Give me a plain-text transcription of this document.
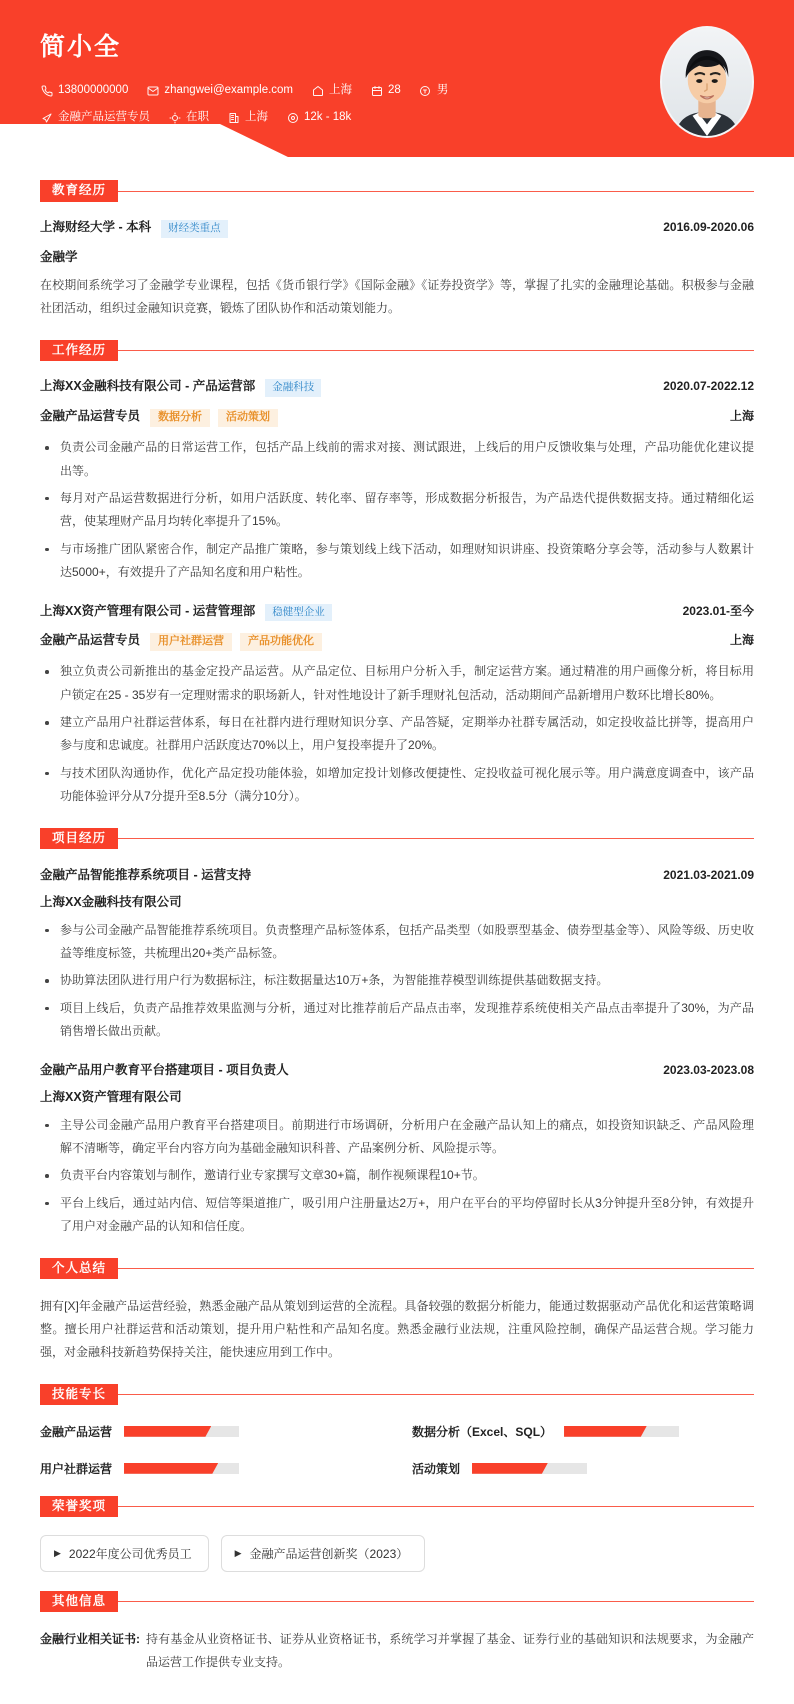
简小全
13800000000	zhangwei@example.com	上海	28	男
金融产品运营专员	在职	上海	12k - 18k
教育经历
上海财经大学 - 本科	财经类重点	2016.09-2020.06
金融学
在校期间系统学习了金融学专业课程，包括《货币银行学》《国际金融》《证券投资学》等，掌握了扎实的金融理论基础。积极参与金融社团活动，组织过金融知识竞赛，锻炼了团队协作和活动策划能力。
工作经历
上海XX金融科技有限公司 - 产品运营部	金融科技	2020.07-2022.12
金融产品运营专员	数据分析	活动策划	上海
负责公司金融产品的日常运营工作，包括产品上线前的需求对接、测试跟进，上线后的用户反馈收集与处理，产品功能优化建议提出等。
每月对产品运营数据进行分析，如用户活跃度、转化率、留存率等，形成数据分析报告，为产品迭代提供数据支持。通过精细化运营，使某理财产品月均转化率提升了15%。
与市场推广团队紧密合作，制定产品推广策略，参与策划线上线下活动，如理财知识讲座、投资策略分享会等，活动参与人数累计达5000+，有效提升了产品知名度和用户粘性。
上海XX资产管理有限公司 - 运营管理部	稳健型企业	2023.01-至今
金融产品运营专员	用户社群运营	产品功能优化	上海
独立负责公司新推出的基金定投产品运营。从产品定位、目标用户分析入手，制定运营方案。通过精准的用户画像分析，将目标用户锁定在25 - 35岁有一定理财需求的职场新人，针对性地设计了新手理财礼包活动，活动期间产品新增用户数环比增长80%。
建立产品用户社群运营体系，每日在社群内进行理财知识分享、产品答疑，定期举办社群专属活动，如定投收益比拼等，提高用户参与度和忠诚度。社群用户活跃度达70%以上，用户复投率提升了20%。
与技术团队沟通协作，优化产品定投功能体验，如增加定投计划修改便捷性、定投收益可视化展示等。用户满意度调查中，该产品功能体验评分从7分提升至8.5分（满分10分）。
项目经历
金融产品智能推荐系统项目 - 运营支持	2021.03-2021.09
上海XX金融科技有限公司
参与公司金融产品智能推荐系统项目。负责整理产品标签体系，包括产品类型（如股票型基金、债券型基金等）、风险等级、历史收益等维度标签，共梳理出20+类产品标签。
协助算法团队进行用户行为数据标注，标注数据量达10万+条，为智能推荐模型训练提供基础数据支持。
项目上线后，负责产品推荐效果监测与分析，通过对比推荐前后产品点击率，发现推荐系统使相关产品点击率提升了30%，为产品销售增长做出贡献。
金融产品用户教育平台搭建项目 - 项目负责人	2023.03-2023.08
上海XX资产管理有限公司
主导公司金融产品用户教育平台搭建项目。前期进行市场调研，分析用户在金融产品认知上的痛点，如投资知识缺乏、产品风险理解不清晰等，确定平台内容方向为基础金融知识科普、产品案例分析、风险提示等。
负责平台内容策划与制作，邀请行业专家撰写文章30+篇，制作视频课程10+节。
平台上线后，通过站内信、短信等渠道推广，吸引用户注册量达2万+，用户在平台的平均停留时长从3分钟提升至8分钟，有效提升了用户对金融产品的认知和信任度。
个人总结
拥有[X]年金融产品运营经验，熟悉金融产品从策划到运营的全流程。具备较强的数据分析能力，能通过数据驱动产品优化和运营策略调整。擅长用户社群运营和活动策划，提升用户粘性和产品知名度。熟悉金融行业法规，注重风险控制，确保产品运营合规。学习能力强，对金融科技新趋势保持关注，能快速应用到工作中。
技能专长
金融产品运营	数据分析（Excel、SQL）
用户社群运营	活动策划
荣誉奖项
▶ 2022年度公司优秀员工	▶ 金融产品运营创新奖（2023）
其他信息
金融行业相关证书: 持有基金从业资格证书、证券从业资格证书，系统学习并掌握了基金、证券行业的基础知识和法规要求，为金融产品运营工作提供专业支持。
